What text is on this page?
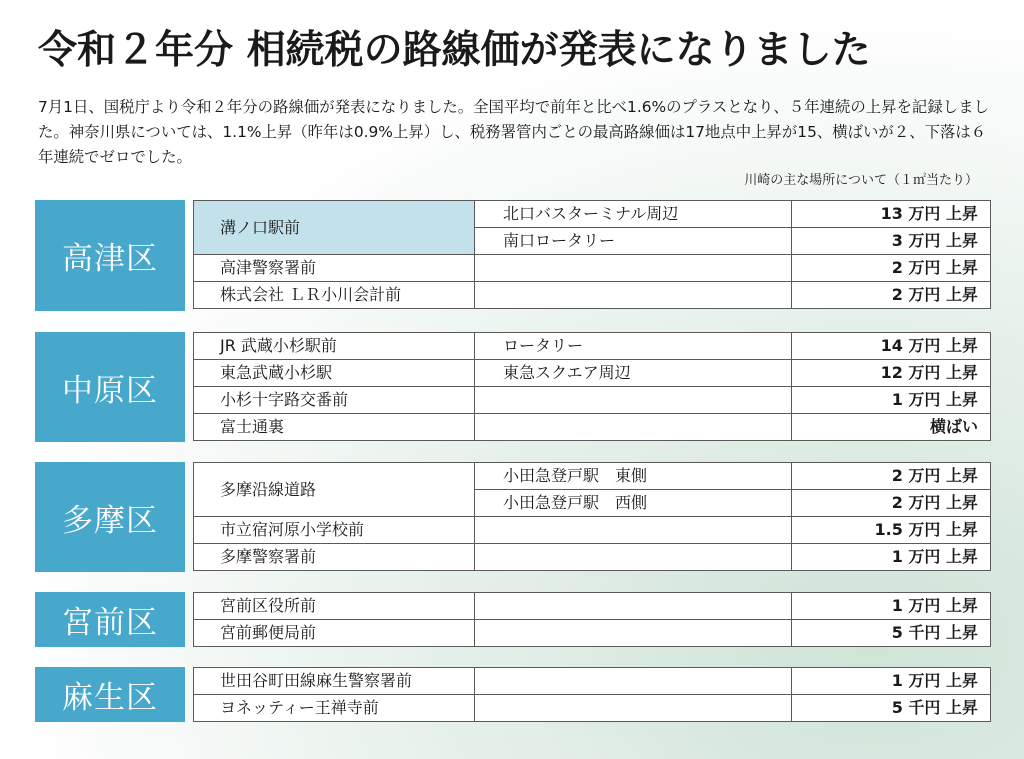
令和２年分 相続税の路線価が発表になりました

7月1日、国税庁より令和２年分の路線価が発表になりました。全国平均で前年と比べ1.6%のプラスとなり、５年連続の上昇を記録しました。神奈川県については、1.1%上昇（昨年は0.9%上昇）し、税務署管内ごとの最高路線価は17地点中上昇が15、横ばいが２、下落は６年連続でゼロでした。

川崎の主な場所について（１㎡当たり）
高津区
溝ノ口駅前	北口バスターミナル周辺	13 万円 上昇
	南口ロータリー	3 万円 上昇
高津警察署前		2 万円 上昇
株式会社 ＬＲ小川会計前		2 万円 上昇
中原区
JR 武蔵小杉駅前	ロータリー	14 万円 上昇
東急武蔵小杉駅	東急スクエア周辺	12 万円 上昇
小杉十字路交番前		1 万円 上昇
富士通裏		横ばい
多摩区
多摩沿線道路	小田急登戸駅　東側	2 万円 上昇
	小田急登戸駅　西側	2 万円 上昇
市立宿河原小学校前		1.5 万円 上昇
多摩警察署前		1 万円 上昇
宮前区	宮前区役所前		1 万円 上昇
宮前郵便局前		5 千円 上昇
麻生区	世田谷町田線麻生警察署前		1 万円 上昇
ヨネッティー王禅寺前		5 千円 上昇
